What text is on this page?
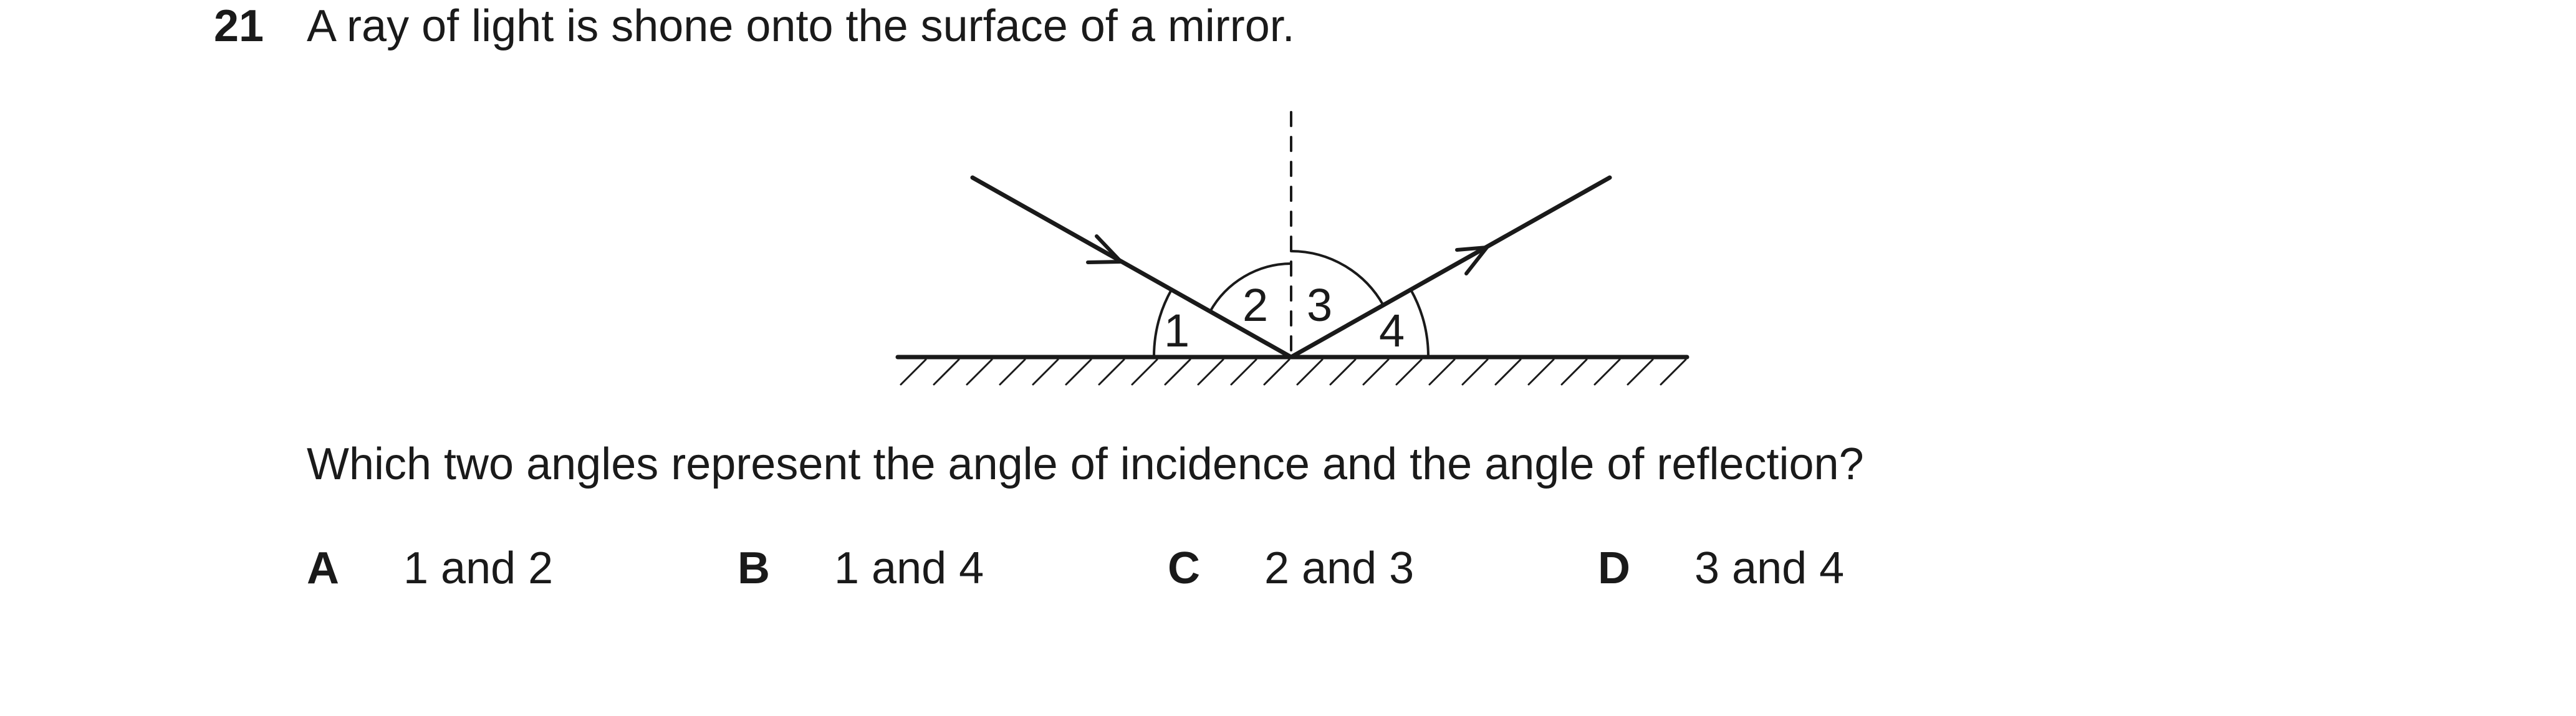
21 A ray of light is shone onto the surface of a mirror.
1 2 3 4
Which two angles represent the angle of incidence and the angle of reflection?
A 1 and 2	B 1 and 4	C 2 and 3	D 3 and 4
